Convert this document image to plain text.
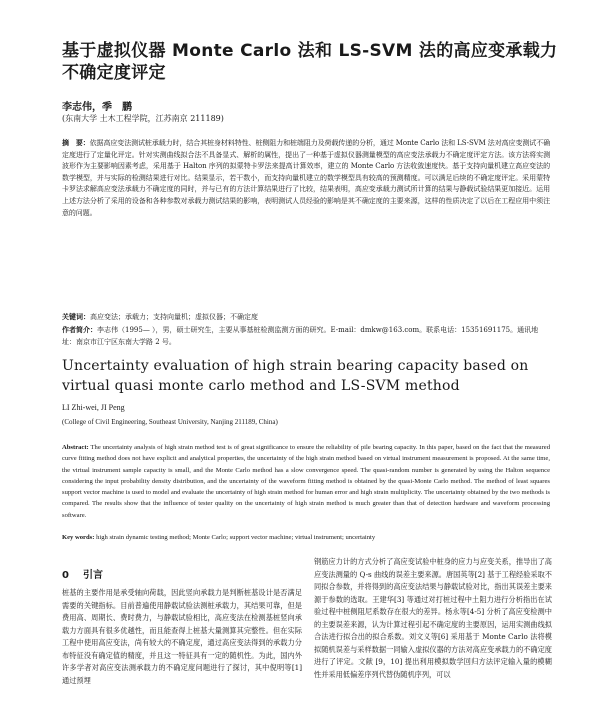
基于虚拟仪器 Monte Carlo 法和 LS-SVM 法的高应变承载力不确定度评定
李志伟，季　鹏
(东南大学 土木工程学院，江苏南京 211189)
摘　要：依据高应变法测试桩承载力时，结合其桩身材料特性、桩侧阻力和桩端阻力及荷载传递的分析，通过 Monte Carlo 法和 LS-SVM 法对高应变测试不确定度进行了定量化评定。针对实测曲线拟合法不具备显式、解析的属性，提出了一种基于虚拟仪器测量模型的高应变法承载力不确定度评定方法。该方法将实测波形作为主要影响因素考虑，采用基于 Halton 序列的拟蒙特卡罗法来提高计算效率，建立的 Monte Carlo 方法收敛速度快。基于支持向量机建立高应变法的数学模型，并与实际的检测结果进行对比。结果显示，若干数小，而支持向量机建立的数学模型具有较高的预测精度。可以满足后续的不确定度评定。采用蒙特卡罗法求解高应变法承载力不确定度的同时，并与已有的方法计算结果进行了比较，结果表明，高应变承载力测试所计算的结果与静载试验结果更加接近。运用上述方法分析了采用的设备和各种参数对承载力测试结果的影响，表明测试人员经验的影响是其不确定度的主要来源，这样的性质决定了以后在工程应用中须注意的问题。
关键词：高应变法；承载力；支持向量机；虚拟仪器；不确定度
作者简介：李志伟（1995— ），男，硕士研究生，主要从事基桩检测监测方面的研究。E-mail：dmkw@163.com。联系电话：15351691175。通讯地址：南京市江宁区东南大学路 2 号。
Uncertainty evaluation of high strain bearing capacity based on virtual quasi monte carlo method and LS-SVM method
LI Zhi-wei, JI Peng
(College of Civil Engineering, Southeast University, Nanjing 211189, China)
Abstract: The uncertainty analysis of high strain method test is of great significance to ensure the reliability of pile bearing capacity. In this paper, based on the fact that the measured curve fitting method does not have explicit and analytical properties, the uncertainty of the high strain method based on virtual instrument measurement is proposed. At the same time, the virtual instrument sample capacity is small, and the Monte Carlo method has a slow convergence speed. The quasi-random number is generated by using the Halton sequence considering the input probability density distribution, and the uncertainty of the waveform fitting method is obtained by the quasi-Monte Carlo method. The method of least squares support vector machine is used to model and evaluate the uncertainty of high strain method for human error and high strain multiplicity. The uncertainty obtained by the two methods is compared. The results show that the influence of tester quality on the uncertainty of high strain method is much greater than that of detection hardware and waveform processing software.
Key words: high strain dynamic testing method; Monte Carlo; support vector machine; virtual instrument; uncertainty
0 引言
桩基的主要作用是承受轴向荷载，因此竖向承载力是判断桩基设计是否满足需要的关键指标。目前普遍使用静载试验法测桩承载力，其结果可靠，但是费用高、周期长、费时费力，与静载试验相比，高应变法在检测基桩竖向承载力方面具有很多优越性，而且能查得上桩基大量测算其完整性。但在实际工程中使用高应变法，尚有较大的不确定度，通过高应变法得到的承载力分布特征没有确定值的精度，并且这一特征具有一定的随机性。为此，国内外许多学者对高应变法测承载力的不确定度问题进行了探讨，其中倪明等[1] 通过预埋
钢筋应力计的方式分析了高应变试验中桩身的应力与应变关系，推导出了高应变法测量的 Q-s 曲线的误差主要来源。唐国英等[2] 基于工程经验采取不同拟合参数，并将得到的高应变法结果与静载试验对比，指出其误差主要来源于参数的选取。王建华[3] 等通过对打桩过程中土阻力进行分析指出在试验过程中桩侧阻尼系数存在很大的差异。杨永等[4-5] 分析了高应变检测中的主要误差来源，认为计算过程引起不确定度的主要原因，运用实测曲线拟合法进行拟合出的拟合系数。刘文义等[6] 采用基于 Monte Carlo 法将模拟随机误差与采样数据一同输入虚拟仪器的方法对高应变承载力的不确定度进行了评定。文献 [9，10] 提出利用模拟数学回归方法评定输入量的模糊性并采用低偏差序列代替伪随机序列，可以
